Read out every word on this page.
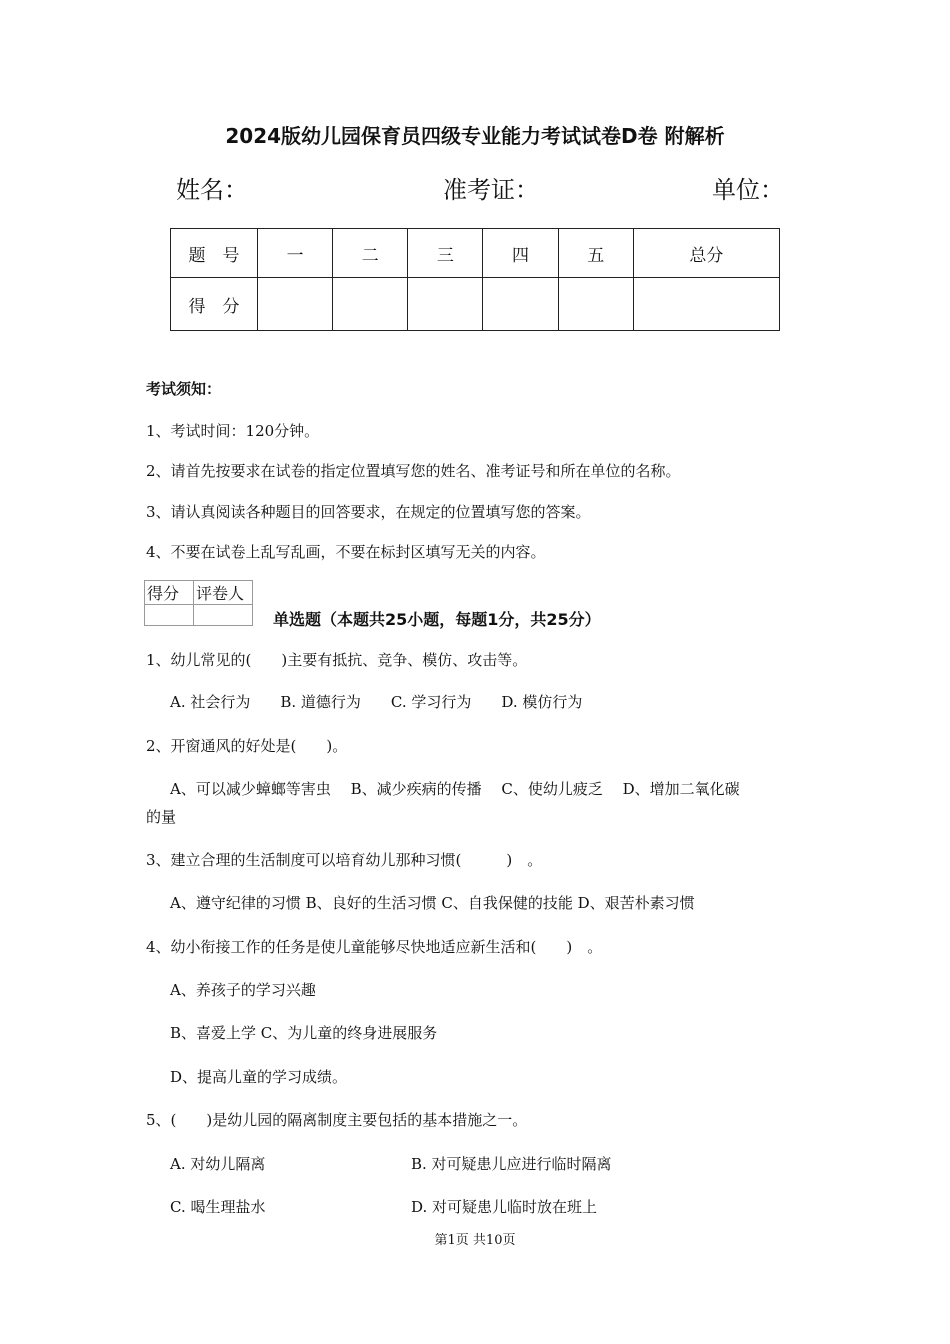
2024版幼儿园保育员四级专业能力考试试卷D卷 附解析
姓名：	准考证：	单位：
题　号	一	二	三	四	五	总分
得　分						
考试须知：
1、考试时间：120分钟。
2、请首先按要求在试卷的指定位置填写您的姓名、准考证号和所在单位的名称。
3、请认真阅读各种题目的回答要求，在规定的位置填写您的答案。
4、不要在试卷上乱写乱画，不要在标封区填写无关的内容。
得分	评卷人

单选题（本题共25小题，每题1分，共25分）
1、幼儿常见的(　　)主要有抵抗、竞争、模仿、攻击等。
A. 社会行为　　B. 道德行为　　C. 学习行为　　D. 模仿行为
2、开窗通风的好处是(　　)。
A、可以减少蟑螂等害虫　 B、减少疾病的传播　 C、使幼儿疲乏　 D、增加二氧化碳
的量
3、建立合理的生活制度可以培育幼儿那种习惯(　　　)　。
A、遵守纪律的习惯 B、良好的生活习惯 C、自我保健的技能 D、艰苦朴素习惯
4、幼小衔接工作的任务是使儿童能够尽快地适应新生活和(　　)　。
A、养孩子的学习兴趣
B、喜爱上学 C、为儿童的终身进展服务
D、提高儿童的学习成绩。
5、(　　)是幼儿园的隔离制度主要包括的基本措施之一。
A. 对幼儿隔离	B. 对可疑患儿应进行临时隔离
C. 喝生理盐水	D. 对可疑患儿临时放在班上
第1页 共10页
